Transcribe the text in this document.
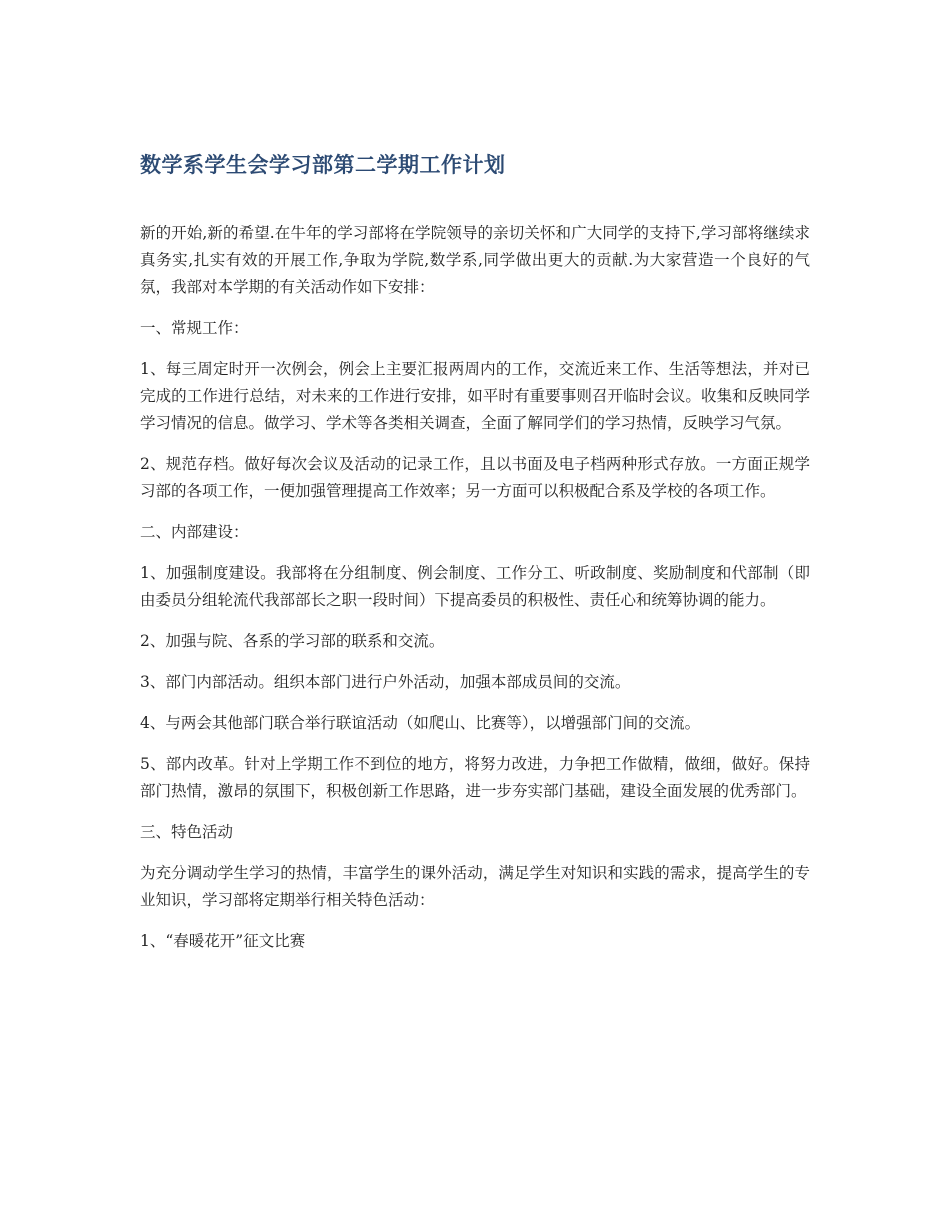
数学系学生会学习部第二学期工作计划

新的开始,新的希望.在牛年的学习部将在学院领导的亲切关怀和广大同学的支持下,学习部将继续求真务实,扎实有效的开展工作,争取为学院,数学系,同学做出更大的贡献.为大家营造一个良好的气氛，我部对本学期的有关活动作如下安排：

一、常规工作：

1、每三周定时开一次例会，例会上主要汇报两周内的工作，交流近来工作、生活等想法，并对已完成的工作进行总结，对未来的工作进行安排，如平时有重要事则召开临时会议。收集和反映同学学习情况的信息。做学习、学术等各类相关调查，全面了解同学们的学习热情，反映学习气氛。

2、规范存档。做好每次会议及活动的记录工作，且以书面及电子档两种形式存放。一方面正规学习部的各项工作，一便加强管理提高工作效率；另一方面可以积极配合系及学校的各项工作。

二、内部建设：

1、加强制度建设。我部将在分组制度、例会制度、工作分工、听政制度、奖励制度和代部制（即由委员分组轮流代我部部长之职一段时间）下提高委员的积极性、责任心和统筹协调的能力。

2、加强与院、各系的学习部的联系和交流。

3、部门内部活动。组织本部门进行户外活动，加强本部成员间的交流。

4、与两会其他部门联合举行联谊活动（如爬山、比赛等），以增强部门间的交流。

5、部内改革。针对上学期工作不到位的地方，将努力改进，力争把工作做精，做细，做好。保持部门热情，激昂的氛围下，积极创新工作思路，进一步夯实部门基础，建设全面发展的优秀部门。

三、特色活动

为充分调动学生学习的热情，丰富学生的课外活动，满足学生对知识和实践的需求，提高学生的专业知识，学习部将定期举行相关特色活动：

1、“春暖花开”征文比赛
